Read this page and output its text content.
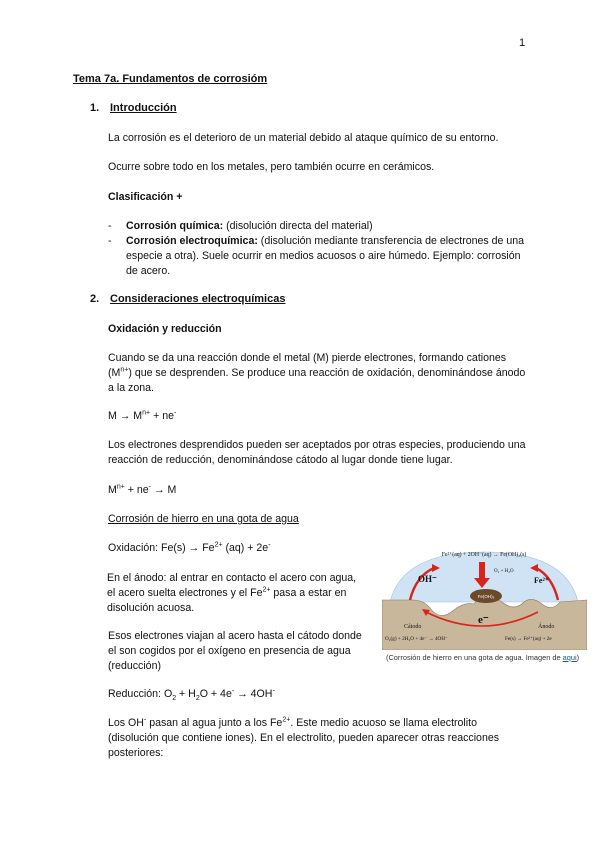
1
Tema 7a. Fundamentos de corrosióm
1. Introducción
La corrosión es el deterioro de un material debido al ataque químico de su entorno.
Ocurre sobre todo en los metales, pero también ocurre en cerámicos.
Clasificación +
- Corrosión química: (disolución directa del material)
- Corrosión electroquímica: (disolución mediante transferencia de electrones de una especie a otra). Suele ocurrir en medios acuosos o aire húmedo. Ejemplo: corrosión de acero.
2. Consideraciones electroquímicas
Oxidación y reducción
Cuando se da una reacción donde el metal (M) pierde electrones, formando cationes $(M^{n+})$ que se desprenden. Se produce una reacción de oxidación, denominándose ánodo a la zona.
$M \to M^{n+} + ne^-$
Los electrones desprendidos pueden ser aceptados por otras especies, produciendo una reacción de reducción, denominándose cátodo al lugar donde tiene lugar.
$M^{n+} + ne^- \to M$
Corrosión de hierro en una gota de agua
Oxidación: $Fe(s) \to Fe^{2+}$ (aq) + 2e-
En el ánodo: al entrar en contacto el acero con agua, el acero suelta electrones y el $Fe^{2+}$ pasa a estar en disolución acuosa.
Esos electrones viajan al acero hasta el cátodo donde el son cogidos por el oxígeno en presencia de agua (reducción)
Reducción: $O_2 + H_2O + 4e^- \to 4OH^-$
Los OH- pasan al agua junto a los $Fe^{2+}$. Este medio acuoso se llama electrolito (disolución que contiene iones). En el electrolito, pueden aparecer otras reacciones posteriores:
Fe²⁺(aq) + 2OH⁻(aq) → Fe(OH)₂(s)
O₂ + H₂O
OH⁻	Fe²⁺
Fe(OH)₃
e⁻
Cátodo	Ánodo
O₂(g) + 2H₂O + 4e⁻ → 4OH⁻	Fe(s) → Fe²⁺(aq) + 2e
(Corrosión de hierro en una gota de agua. Imagen de aqui)
